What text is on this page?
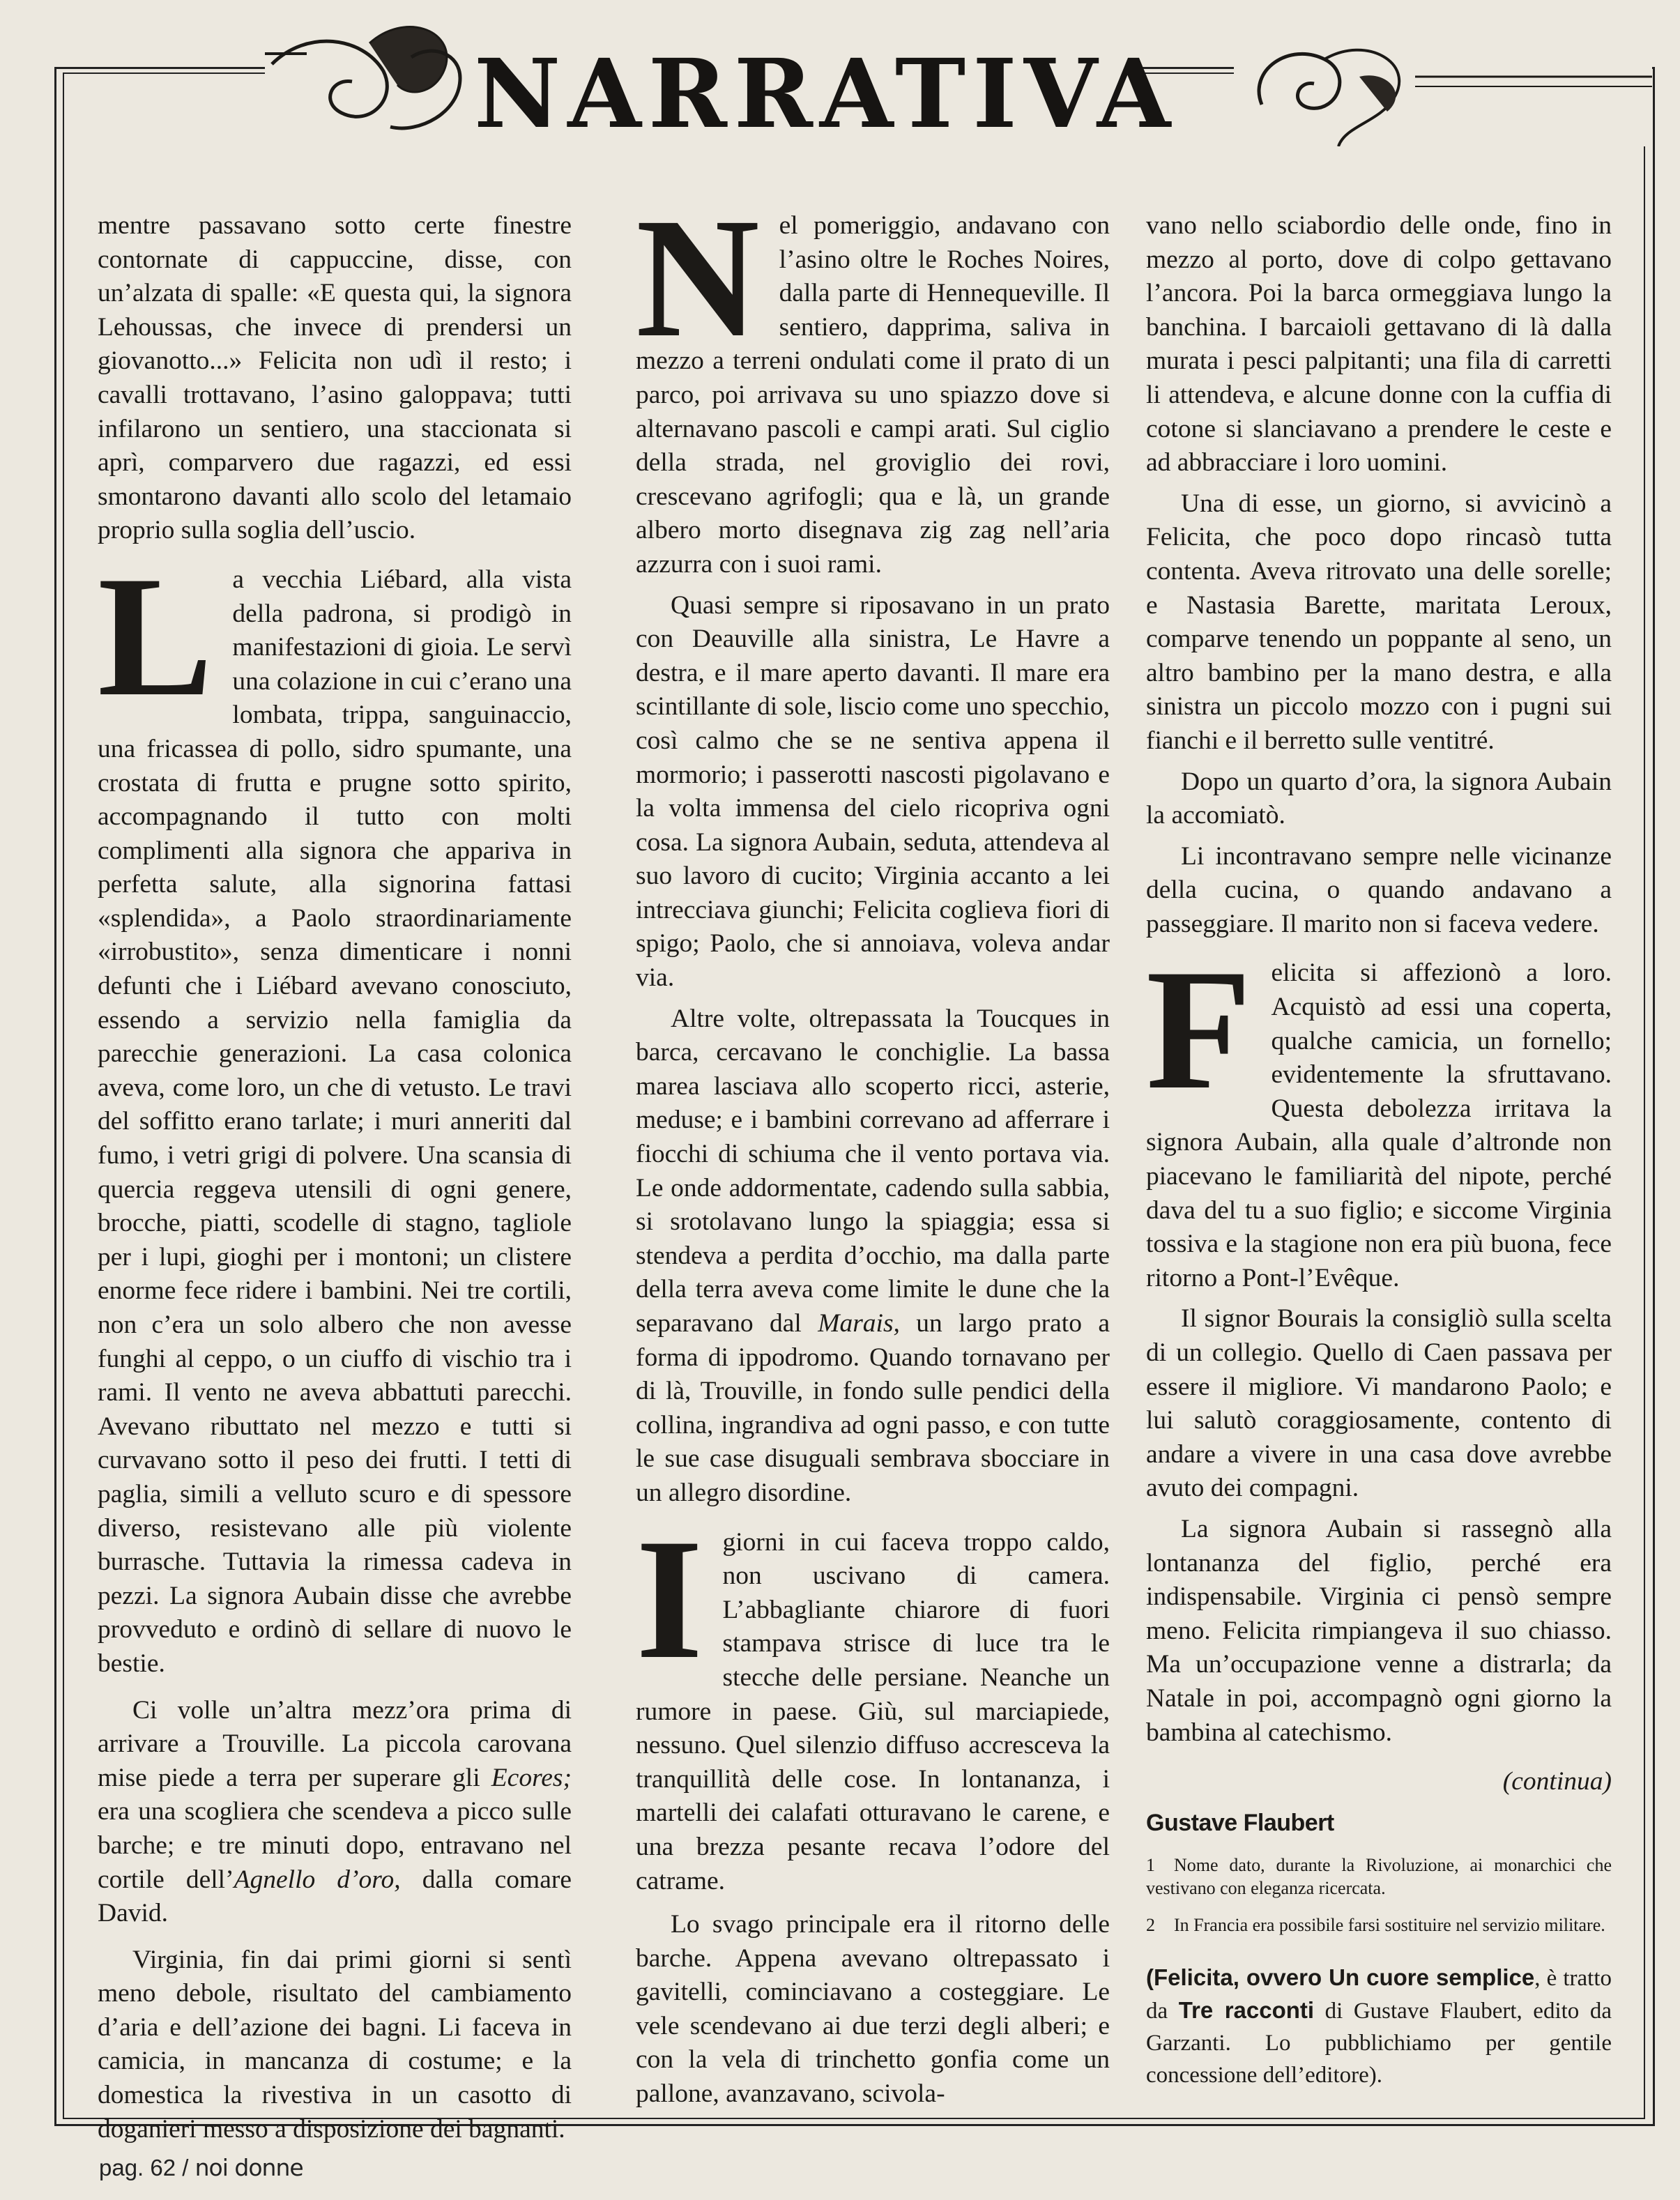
NARRATIVA

mentre passavano sotto certe finestre contornate di cappuccine, disse, con un’alzata di spalle: «E questa qui, la signora Lehoussas, che invece di prendersi un giovanotto...» Felicita non udì il resto; i cavalli trottavano, l’asino galoppava; tutti infilarono un sentiero, una staccionata si aprì, comparvero due ragazzi, ed essi smontarono davanti allo scolo del letamaio proprio sulla soglia dell’uscio.

La vecchia Liébard, alla vista della padrona, si prodigò in manifestazioni di gioia. Le servì una colazione in cui c’erano una lombata, trippa, sanguinaccio, una fricassea di pollo, sidro spumante, una crostata di frutta e prugne sotto spirito, accompagnando il tutto con molti complimenti alla signora che appariva in perfetta salute, alla signorina fattasi «splendida», a Paolo straordinariamente «irrobustito», senza dimenticare i nonni defunti che i Liébard avevano conosciuto, essendo a servizio nella famiglia da parecchie generazioni. La casa colonica aveva, come loro, un che di vetusto. Le travi del soffitto erano tarlate; i muri anneriti dal fumo, i vetri grigi di polvere. Una scansia di quercia reggeva utensili di ogni genere, brocche, piatti, scodelle di stagno, tagliole per i lupi, gioghi per i montoni; un clistere enorme fece ridere i bambini. Nei tre cortili, non c’era un solo albero che non avesse funghi al ceppo, o un ciuffo di vischio tra i rami. Il vento ne aveva abbattuti parecchi. Avevano ributtato nel mezzo e tutti si curvavano sotto il peso dei frutti. I tetti di paglia, simili a velluto scuro e di spessore diverso, resistevano alle più violente burrasche. Tuttavia la rimessa cadeva in pezzi. La signora Aubain disse che avrebbe provveduto e ordinò di sellare di nuovo le bestie.

Ci volle un’altra mezz’ora prima di arrivare a Trouville. La piccola carovana mise piede a terra per superare gli Ecores; era una scogliera che scendeva a picco sulle barche; e tre minuti dopo, entravano nel cortile dell’Agnello d’oro, dalla comare David.

Virginia, fin dai primi giorni si sentì meno debole, risultato del cambiamento d’aria e dell’azione dei bagni. Li faceva in camicia, in mancanza di costume; e la domestica la rivestiva in un casotto di doganieri messo a disposizione dei bagnanti.

Nel pomeriggio, andavano con l’asino oltre le Roches Noires, dalla parte di Hennequeville. Il sentiero, dapprima, saliva in mezzo a terreni ondulati come il prato di un parco, poi arrivava su uno spiazzo dove si alternavano pascoli e campi arati. Sul ciglio della strada, nel groviglio dei rovi, crescevano agrifogli; qua e là, un grande albero morto disegnava zig zag nell’aria azzurra con i suoi rami.

Quasi sempre si riposavano in un prato con Deauville alla sinistra, Le Havre a destra, e il mare aperto davanti. Il mare era scintillante di sole, liscio come uno specchio, così calmo che se ne sentiva appena il mormorio; i passerotti nascosti pigolavano e la volta immensa del cielo ricopriva ogni cosa. La signora Aubain, seduta, attendeva al suo lavoro di cucito; Virginia accanto a lei intrecciava giunchi; Felicita coglieva fiori di spigo; Paolo, che si annoiava, voleva andar via.

Altre volte, oltrepassata la Toucques in barca, cercavano le conchiglie. La bassa marea lasciava allo scoperto ricci, asterie, meduse; e i bambini correvano ad afferrare i fiocchi di schiuma che il vento portava via. Le onde addormentate, cadendo sulla sabbia, si srotolavano lungo la spiaggia; essa si stendeva a perdita d’occhio, ma dalla parte della terra aveva come limite le dune che la separavano dal Marais, un largo prato a forma di ippodromo. Quando tornavano per di là, Trouville, in fondo sulle pendici della collina, ingrandiva ad ogni passo, e con tutte le sue case disuguali sembrava sbocciare in un allegro disordine.

Igiorni in cui faceva troppo caldo, non uscivano di camera. L’abbagliante chiarore di fuori stampava strisce di luce tra le stecche delle persiane. Neanche un rumore in paese. Giù, sul marciapiede, nessuno. Quel silenzio diffuso accresceva la tranquillità delle cose. In lontananza, i martelli dei calafati otturavano le carene, e una brezza pesante recava l’odore del catrame.

Lo svago principale era il ritorno delle barche. Appena avevano oltrepassato i gavitelli, cominciavano a costeggiare. Le vele scendevano ai due terzi degli alberi; e con la vela di trinchetto gonfia come un pallone, avanzavano, scivola-

vano nello sciabordio delle onde, fino in mezzo al porto, dove di colpo gettavano l’ancora. Poi la barca ormeggiava lungo la banchina. I barcaioli gettavano di là dalla murata i pesci palpitanti; una fila di carretti li attendeva, e alcune donne con la cuffia di cotone si slanciavano a prendere le ceste e ad abbracciare i loro uomini.

Una di esse, un giorno, si avvicinò a Felicita, che poco dopo rincasò tutta contenta. Aveva ritrovato una delle sorelle; e Nastasia Barette, maritata Leroux, comparve tenendo un poppante al seno, un altro bambino per la mano destra, e alla sinistra un piccolo mozzo con i pugni sui fianchi e il berretto sulle ventitré.

Dopo un quarto d’ora, la signora Aubain la accomiatò.

Li incontravano sempre nelle vicinanze della cucina, o quando andavano a passeggiare. Il marito non si faceva vedere.

Felicita si affezionò a loro. Acquistò ad essi una coperta, qualche camicia, un fornello; evidentemente la sfruttavano. Questa debolezza irritava la signora Aubain, alla quale d’altronde non piacevano le familiarità del nipote, perché dava del tu a suo figlio; e siccome Virginia tossiva e la stagione non era più buona, fece ritorno a Pont-l’Evêque.

Il signor Bourais la consigliò sulla scelta di un collegio. Quello di Caen passava per essere il migliore. Vi mandarono Paolo; e lui salutò coraggiosamente, contento di andare a vivere in una casa dove avrebbe avuto dei compagni.

La signora Aubain si rassegnò alla lontananza del figlio, perché era indispensabile. Virginia ci pensò sempre meno. Felicita rimpiangeva il suo chiasso. Ma un’occupazione venne a distrarla; da Natale in poi, accompagnò ogni giorno la bambina al catechismo.

(continua)

Gustave Flaubert

1 Nome dato, durante la Rivoluzione, ai monarchici che vestivano con eleganza ricercata.

2 In Francia era possibile farsi sostituire nel servizio militare.

(Felicita, ovvero Un cuore semplice, è tratto da Tre racconti di Gustave Flaubert, edito da Garzanti. Lo pubblichiamo per gentile concessione dell’editore).

pag. 62 / noi donne
